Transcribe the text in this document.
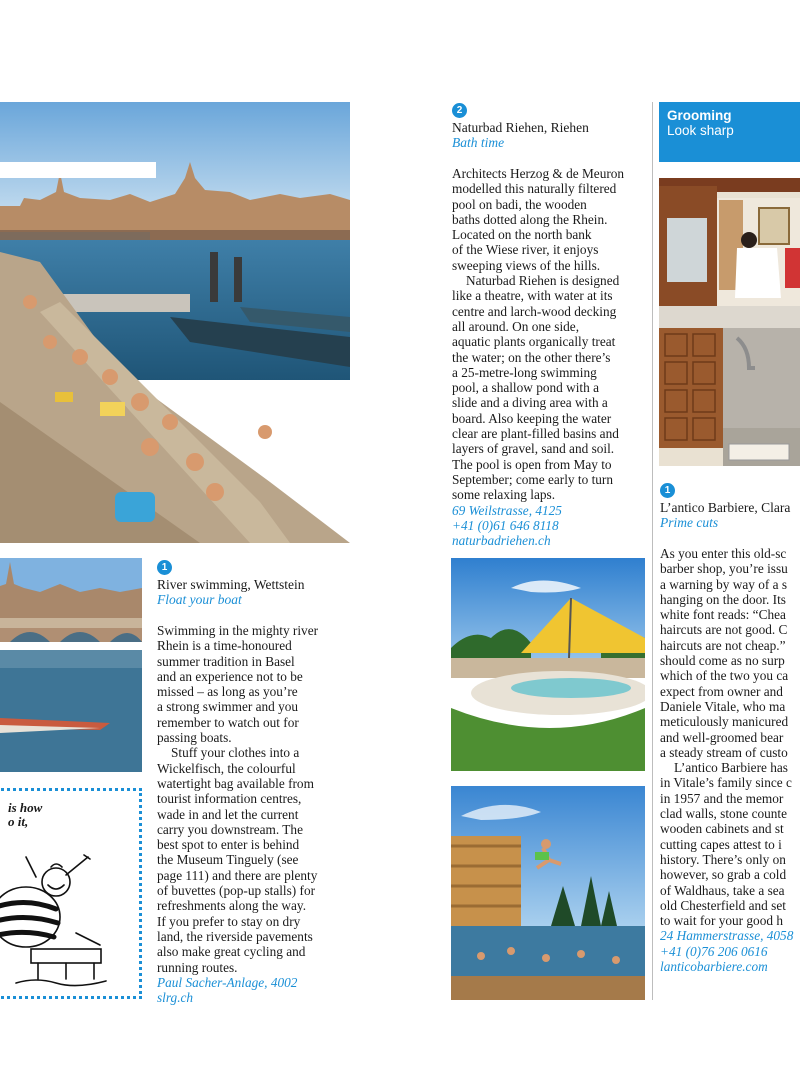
1
River swimming, Wettstein
Float your boat
Swimming in the mighty river
Rhein is a time-honoured
summer tradition in Basel
and an experience not to be
missed – as long as you’re
a strong swimmer and you
remember to watch out for
passing boats.
Stuff your clothes into a
Wickelfisch, the colourful
watertight bag available from
tourist information centres,
wade in and let the current
carry you downstream. The
best spot to enter is behind
the Museum Tinguely (see
page 111) and there are plenty
of buvettes (pop-up stalls) for
refreshments along the way.
If you prefer to stay on dry
land, the riverside pavements
also make great cycling and
running routes.
Paul Sacher-Anlage, 4002
slrg.ch
is how
o it,
2
Naturbad Riehen, Riehen
Bath time
Architects Herzog & de Meuron
modelled this naturally filtered
pool on badi, the wooden
baths dotted along the Rhein.
Located on the north bank
of the Wiese river, it enjoys
sweeping views of the hills.
Naturbad Riehen is designed
like a theatre, with water at its
centre and larch-wood decking
all around. On one side,
aquatic plants organically treat
the water; on the other there’s
a 25-metre-long swimming
pool, a shallow pond with a
slide and a diving area with a
board. Also keeping the water
clear are plant-filled basins and
layers of gravel, sand and soil.
The pool is open from May to
September; come early to turn
some relaxing laps.
69 Weilstrasse, 4125
+41 (0)61 646 8118
naturbadriehen.ch
Grooming
Look sharp
1
L’antico Barbiere, Clara
Prime cuts
As you enter this old-sc
barber shop, you’re issu
a warning by way of a s
hanging on the door. Its
white font reads: “Chea
haircuts are not good. C
haircuts are not cheap.”
should come as no surp
which of the two you ca
expect from owner and
Daniele Vitale, who ma
meticulously manicured
and well-groomed bear
a steady stream of custo
L’antico Barbiere has
in Vitale’s family since c
in 1957 and the memor
clad walls, stone counte
wooden cabinets and st
cutting capes attest to i
history. There’s only on
however, so grab a cold
of Waldhaus, take a sea
old Chesterfield and set
to wait for your good h
24 Hammerstrasse, 4058
+41 (0)76 206 0616
lanticobarbiere.com
